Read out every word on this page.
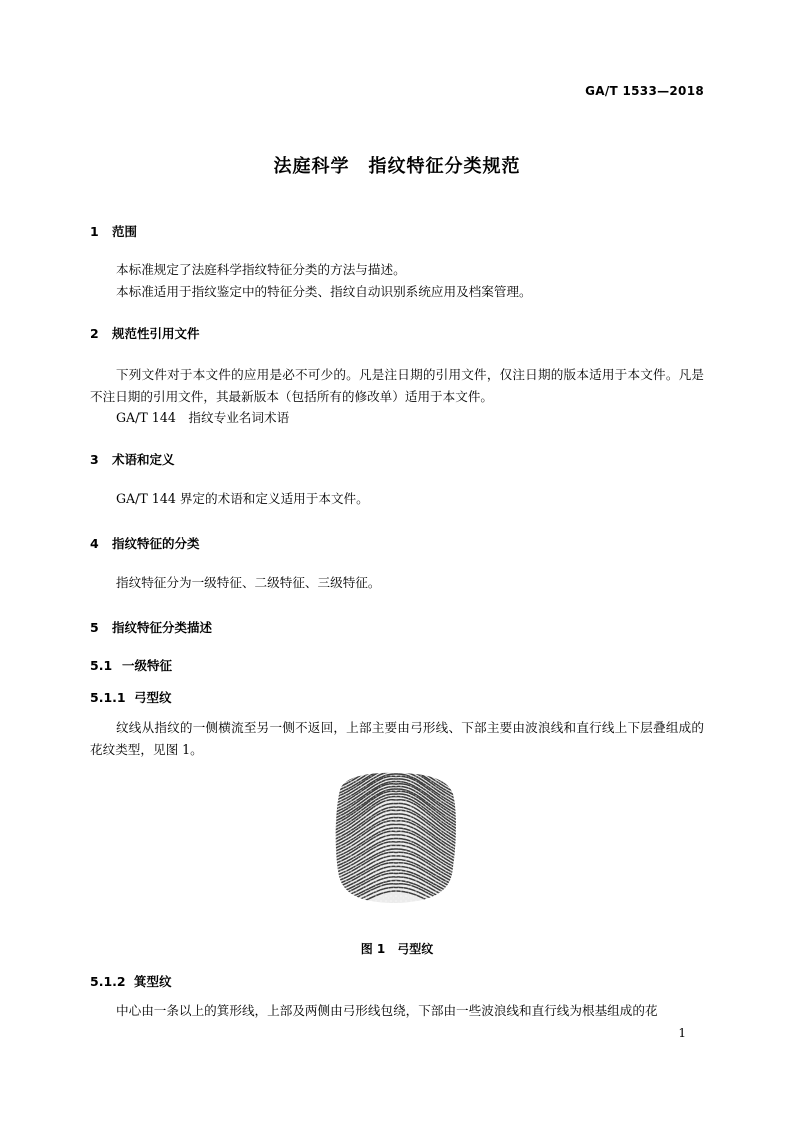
GA/T 1533—2018
法庭科学　指纹特征分类规范
1 范围
本标准规定了法庭科学指纹特征分类的方法与描述。
本标准适用于指纹鉴定中的特征分类、指纹自动识别系统应用及档案管理。
2 规范性引用文件
下列文件对于本文件的应用是必不可少的。凡是注日期的引用文件，仅注日期的版本适用于本文件。凡是不注日期的引用文件，其最新版本（包括所有的修改单）适用于本文件。
GA/T 144　指纹专业名词术语
3 术语和定义
GA/T 144 界定的术语和定义适用于本文件。
4 指纹特征的分类
指纹特征分为一级特征、二级特征、三级特征。
5 指纹特征分类描述
5.1 一级特征
5.1.1 弓型纹
纹线从指纹的一侧横流至另一侧不返回，上部主要由弓形线、下部主要由波浪线和直行线上下层叠组成的花纹类型，见图 1。
图 1　弓型纹
5.1.2 箕型纹
中心由一条以上的箕形线，上部及两侧由弓形线包绕，下部由一些波浪线和直行线为根基组成的花
1
